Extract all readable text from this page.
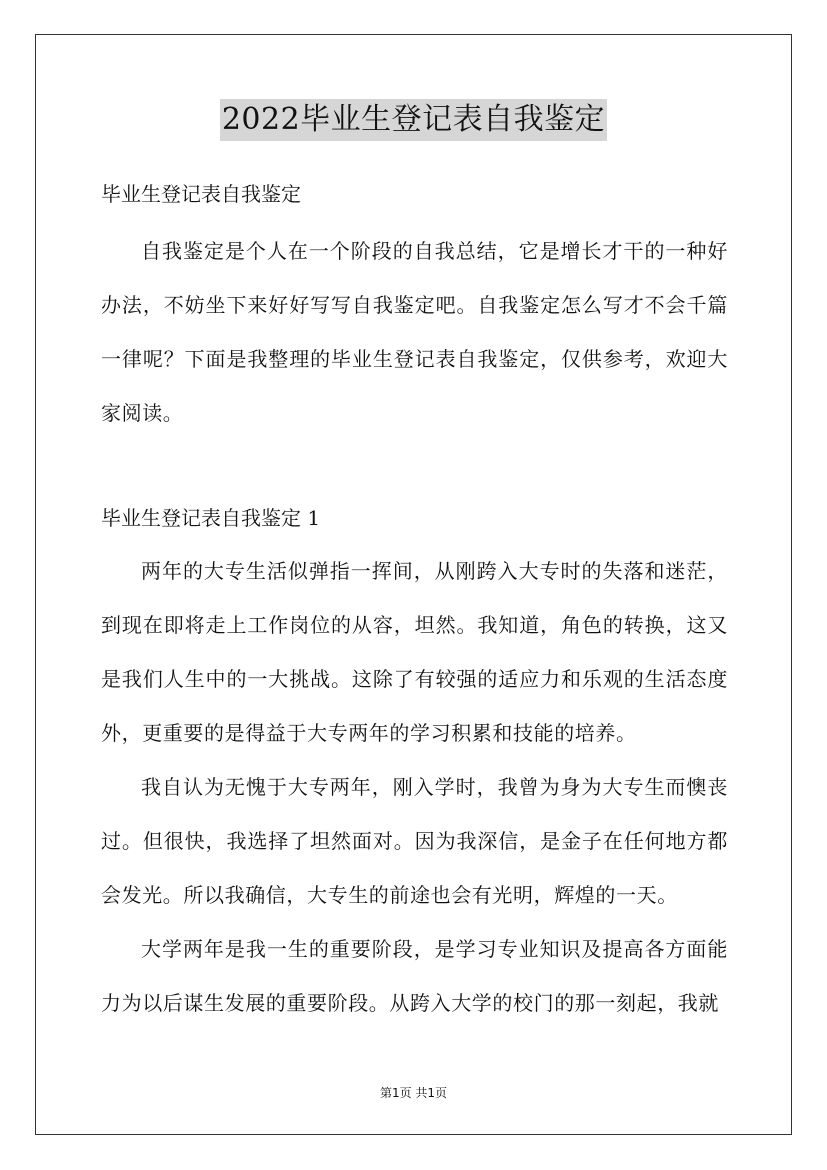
2022毕业生登记表自我鉴定
毕业生登记表自我鉴定

自我鉴定是个人在一个阶段的自我总结，它是增长才干的一种好办法，不妨坐下来好好写写自我鉴定吧。自我鉴定怎么写才不会千篇一律呢？下面是我整理的毕业生登记表自我鉴定，仅供参考，欢迎大家阅读。

毕业生登记表自我鉴定 1

两年的大专生活似弹指一挥间，从刚跨入大专时的失落和迷茫，到现在即将走上工作岗位的从容，坦然。我知道，角色的转换，这又是我们人生中的一大挑战。这除了有较强的适应力和乐观的生活态度外，更重要的是得益于大专两年的学习积累和技能的培养。

我自认为无愧于大专两年，刚入学时，我曾为身为大专生而懊丧过。但很快，我选择了坦然面对。因为我深信，是金子在任何地方都会发光。所以我确信，大专生的前途也会有光明，辉煌的一天。

大学两年是我一生的重要阶段，是学习专业知识及提高各方面能力为以后谋生发展的重要阶段。从跨入大学的校门的那一刻起，我就

第1页 共1页
